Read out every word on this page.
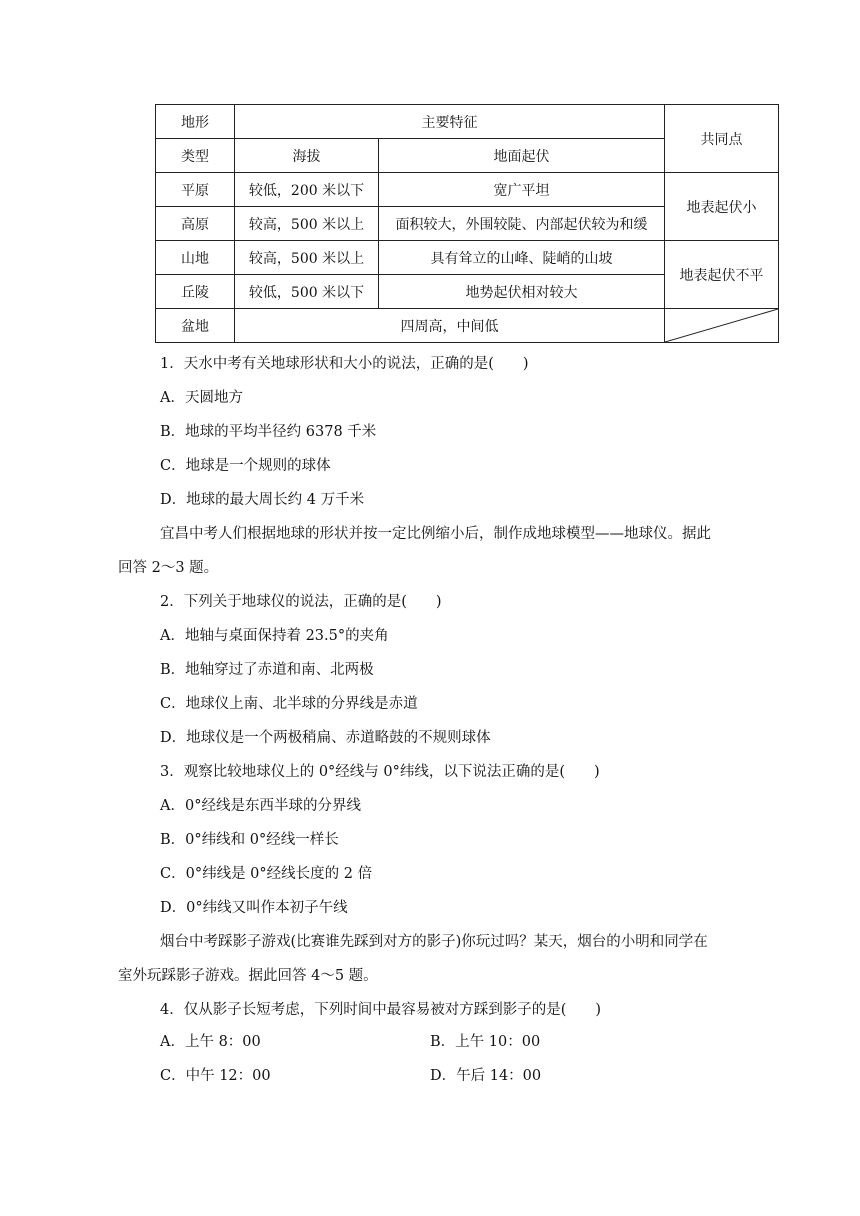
地形	主要特征		共同点
类型	海拔	地面起伏	
平原	较低，200 米以下	宽广平坦	地表起伏小
高原	较高，500 米以上	面积较大，外围较陡、内部起伏较为和缓	
山地	较高，500 米以上	具有耸立的山峰、陡峭的山坡	地表起伏不平
丘陵	较低，500 米以下	地势起伏相对较大	
盆地	四周高，中间低	
1．天水中考有关地球形状和大小的说法，正确的是(　　)
A．天圆地方
B．地球的平均半径约 6378 千米
C．地球是一个规则的球体
D．地球的最大周长约 4 万千米
宜昌中考人们根据地球的形状并按一定比例缩小后，制作成地球模型——地球仪。据此
回答 2～3 题。
2．下列关于地球仪的说法，正确的是(　　)
A．地轴与桌面保持着 23.5°的夹角
B．地轴穿过了赤道和南、北两极
C．地球仪上南、北半球的分界线是赤道
D．地球仪是一个两极稍扁、赤道略鼓的不规则球体
3．观察比较地球仪上的 0°经线与 0°纬线，以下说法正确的是(　　)
A．0°经线是东西半球的分界线
B．0°纬线和 0°经线一样长
C．0°纬线是 0°经线长度的 2 倍
D．0°纬线又叫作本初子午线
烟台中考踩影子游戏(比赛谁先踩到对方的影子)你玩过吗？某天，烟台的小明和同学在
室外玩踩影子游戏。据此回答 4～5 题。
4．仅从影子长短考虑，下列时间中最容易被对方踩到影子的是(　　)
A．上午 8：00	B．上午 10：00
C．中午 12：00	D．午后 14：00
